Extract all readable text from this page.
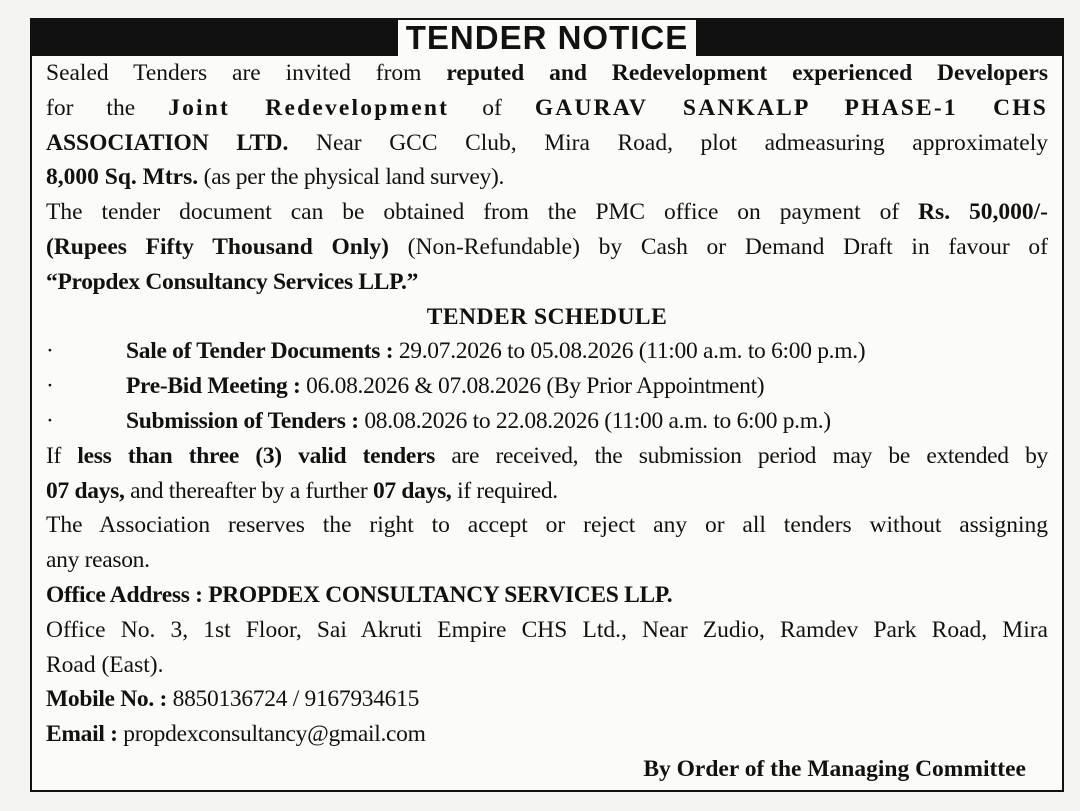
TENDER NOTICE
Sealed Tenders are invited from reputed and Redevelopment experienced Developers
for the Joint Redevelopment of GAURAV SANKALP PHASE-1 CHS
ASSOCIATION LTD. Near GCC Club, Mira Road, plot admeasuring approximately
8,000 Sq. Mtrs. (as per the physical land survey).
The tender document can be obtained from the PMC office on payment of Rs. 50,000/-
(Rupees Fifty Thousand Only) (Non-Refundable) by Cash or Demand Draft in favour of
“Propdex Consultancy Services LLP.”
TENDER SCHEDULE
·	Sale of Tender Documents : 29.07.2026 to 05.08.2026 (11:00 a.m. to 6:00 p.m.)
·	Pre-Bid Meeting : 06.08.2026 & 07.08.2026 (By Prior Appointment)
·	Submission of Tenders : 08.08.2026 to 22.08.2026 (11:00 a.m. to 6:00 p.m.)
If less than three (3) valid tenders are received, the submission period may be extended by
07 days, and thereafter by a further 07 days, if required.
The Association reserves the right to accept or reject any or all tenders without assigning
any reason.
Office Address : PROPDEX CONSULTANCY SERVICES LLP.
Office No. 3, 1st Floor, Sai Akruti Empire CHS Ltd., Near Zudio, Ramdev Park Road, Mira
Road (East).
Mobile No. : 8850136724 / 9167934615
Email : propdexconsultancy@gmail.com
By Order of the Managing Committee
